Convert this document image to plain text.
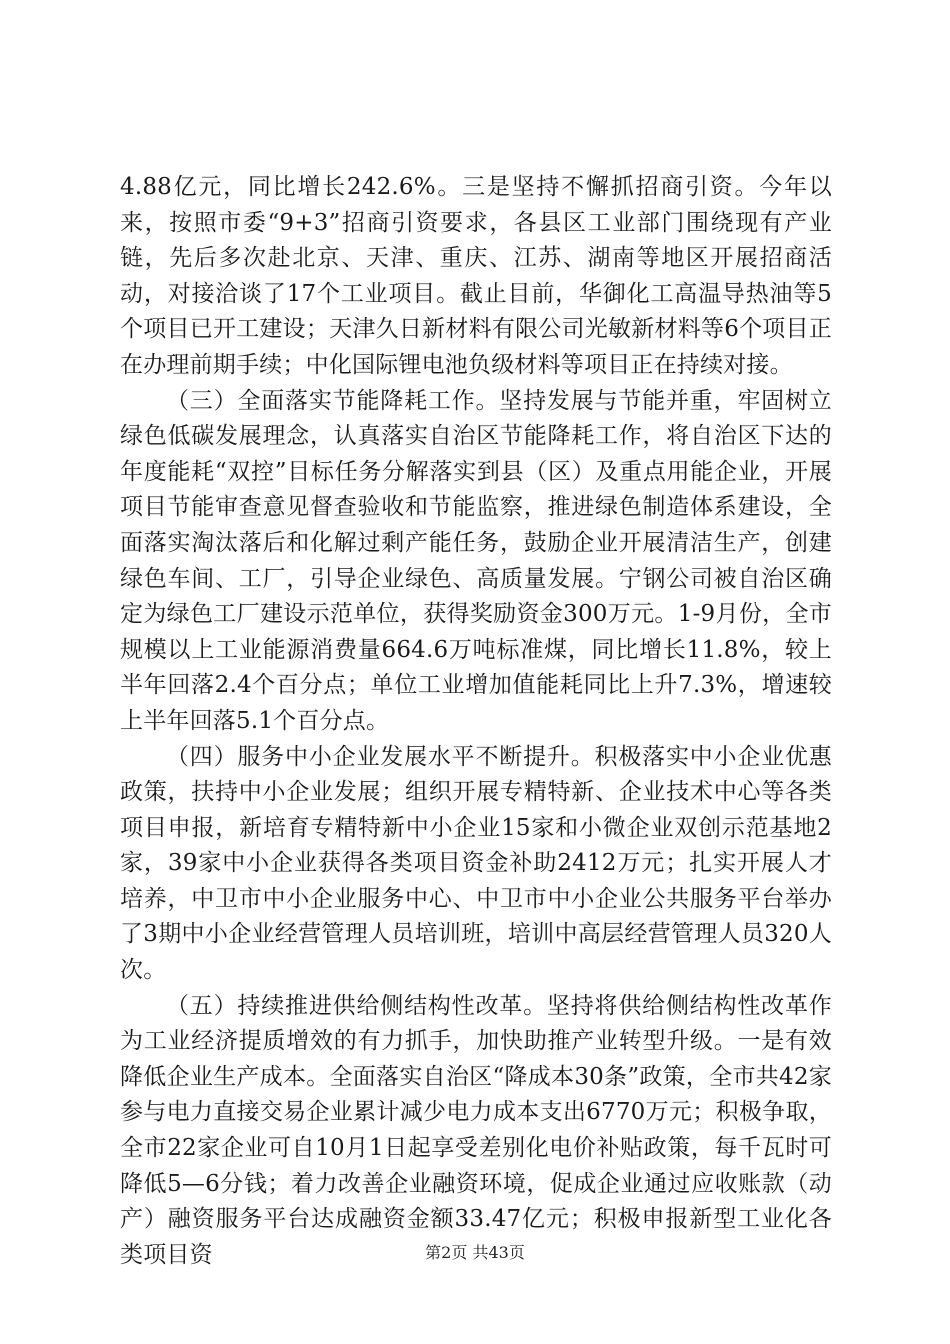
4.88亿元，同比增长242.6%。三是坚持不懈抓招商引资。今年以来，按照市委“9+3”招商引资要求，各县区工业部门围绕现有产业链，先后多次赴北京、天津、重庆、江苏、湖南等地区开展招商活动，对接洽谈了17个工业项目。截止目前，华御化工高温导热油等5个项目已开工建设；天津久日新材料有限公司光敏新材料等6个项目正在办理前期手续；中化国际锂电池负级材料等项目正在持续对接。

（三）全面落实节能降耗工作。坚持发展与节能并重，牢固树立绿色低碳发展理念，认真落实自治区节能降耗工作，将自治区下达的年度能耗“双控”目标任务分解落实到县（区）及重点用能企业，开展项目节能审查意见督查验收和节能监察，推进绿色制造体系建设，全面落实淘汰落后和化解过剩产能任务，鼓励企业开展清洁生产，创建绿色车间、工厂，引导企业绿色、高质量发展。宁钢公司被自治区确定为绿色工厂建设示范单位，获得奖励资金300万元。1-9月份，全市规模以上工业能源消费量664.6万吨标准煤，同比增长11.8%，较上半年回落2.4个百分点；单位工业增加值能耗同比上升7.3%，增速较上半年回落5.1个百分点。

（四）服务中小企业发展水平不断提升。积极落实中小企业优惠政策，扶持中小企业发展；组织开展专精特新、企业技术中心等各类项目申报，新培育专精特新中小企业15家和小微企业双创示范基地2家，39家中小企业获得各类项目资金补助2412万元；扎实开展人才培养，中卫市中小企业服务中心、中卫市中小企业公共服务平台举办了3期中小企业经营管理人员培训班，培训中高层经营管理人员320人次。

（五）持续推进供给侧结构性改革。坚持将供给侧结构性改革作为工业经济提质增效的有力抓手，加快助推产业转型升级。一是有效降低企业生产成本。全面落实自治区“降成本30条”政策，全市共42家参与电力直接交易企业累计减少电力成本支出6770万元；积极争取，全市22家企业可自10月1日起享受差别化电价补贴政策，每千瓦时可降低5—6分钱；着力改善企业融资环境，促成企业通过应收账款（动产）融资服务平台达成融资金额33.47亿元；积极申报新型工业化各类项目资	第2页 共43页
